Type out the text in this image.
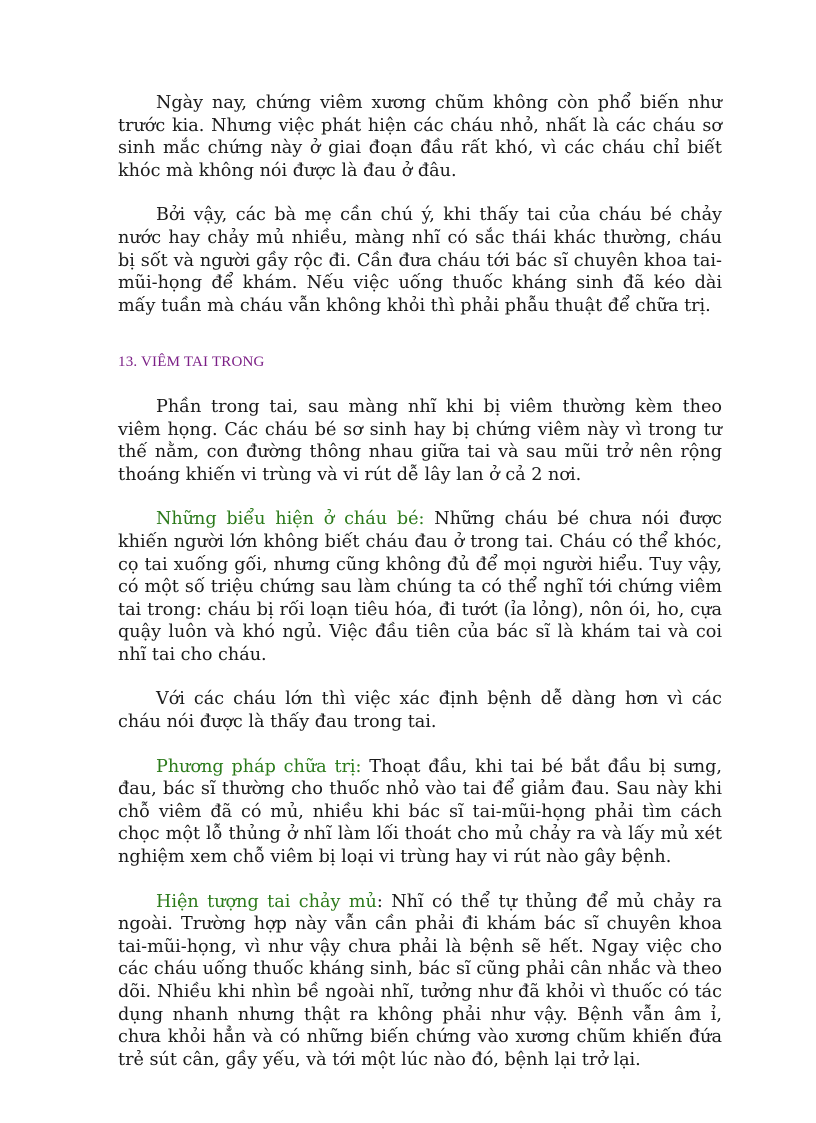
Ngày nay, chứng viêm xương chũm không còn phổ biến như trước kia. Nhưng việc phát hiện các cháu nhỏ, nhất là các cháu sơ sinh mắc chứng này ở giai đoạn đầu rất khó, vì các cháu chỉ biết khóc mà không nói được là đau ở đâu.

Bởi vậy, các bà mẹ cần chú ý, khi thấy tai của cháu bé chảy nước hay chảy mủ nhiều, màng nhĩ có sắc thái khác thường, cháu bị sốt và người gầy rộc đi. Cần đưa cháu tới bác sĩ chuyên khoa tai-mũi-họng để khám. Nếu việc uống thuốc kháng sinh đã kéo dài mấy tuần mà cháu vẫn không khỏi thì phải phẫu thuật để chữa trị.

13. VIÊM TAI TRONG

Phần trong tai, sau màng nhĩ khi bị viêm thường kèm theo viêm họng. Các cháu bé sơ sinh hay bị chứng viêm này vì trong tư thế nằm, con đường thông nhau giữa tai và sau mũi trở nên rộng thoáng khiến vi trùng và vi rút dễ lây lan ở cả 2 nơi.

Những biểu hiện ở cháu bé: Những cháu bé chưa nói được khiến người lớn không biết cháu đau ở trong tai. Cháu có thể khóc, cọ tai xuống gối, nhưng cũng không đủ để mọi người hiểu. Tuy vậy, có một số triệu chứng sau làm chúng ta có thể nghĩ tới chứng viêm tai trong: cháu bị rối loạn tiêu hóa, đi tướt (ỉa lỏng), nôn ói, ho, cựa quậy luôn và khó ngủ. Việc đầu tiên của bác sĩ là khám tai và coi nhĩ tai cho cháu.

Với các cháu lớn thì việc xác định bệnh dễ dàng hơn vì các cháu nói được là thấy đau trong tai.

Phương pháp chữa trị: Thoạt đầu, khi tai bé bắt đầu bị sưng, đau, bác sĩ thường cho thuốc nhỏ vào tai để giảm đau. Sau này khi chỗ viêm đã có mủ, nhiều khi bác sĩ tai-mũi-họng phải tìm cách chọc một lỗ thủng ở nhĩ làm lối thoát cho mủ chảy ra và lấy mủ xét nghiệm xem chỗ viêm bị loại vi trùng hay vi rút nào gây bệnh.

Hiện tượng tai chảy mủ: Nhĩ có thể tự thủng để mủ chảy ra ngoài. Trường hợp này vẫn cần phải đi khám bác sĩ chuyên khoa tai-mũi-họng, vì như vậy chưa phải là bệnh sẽ hết. Ngay việc cho các cháu uống thuốc kháng sinh, bác sĩ cũng phải cân nhắc và theo dõi. Nhiều khi nhìn bề ngoài nhĩ, tưởng như đã khỏi vì thuốc có tác dụng nhanh nhưng thật ra không phải như vậy. Bệnh vẫn âm ỉ, chưa khỏi hẳn và có những biến chứng vào xương chũm khiến đứa trẻ sút cân, gầy yếu, và tới một lúc nào đó, bệnh lại trở lại.
